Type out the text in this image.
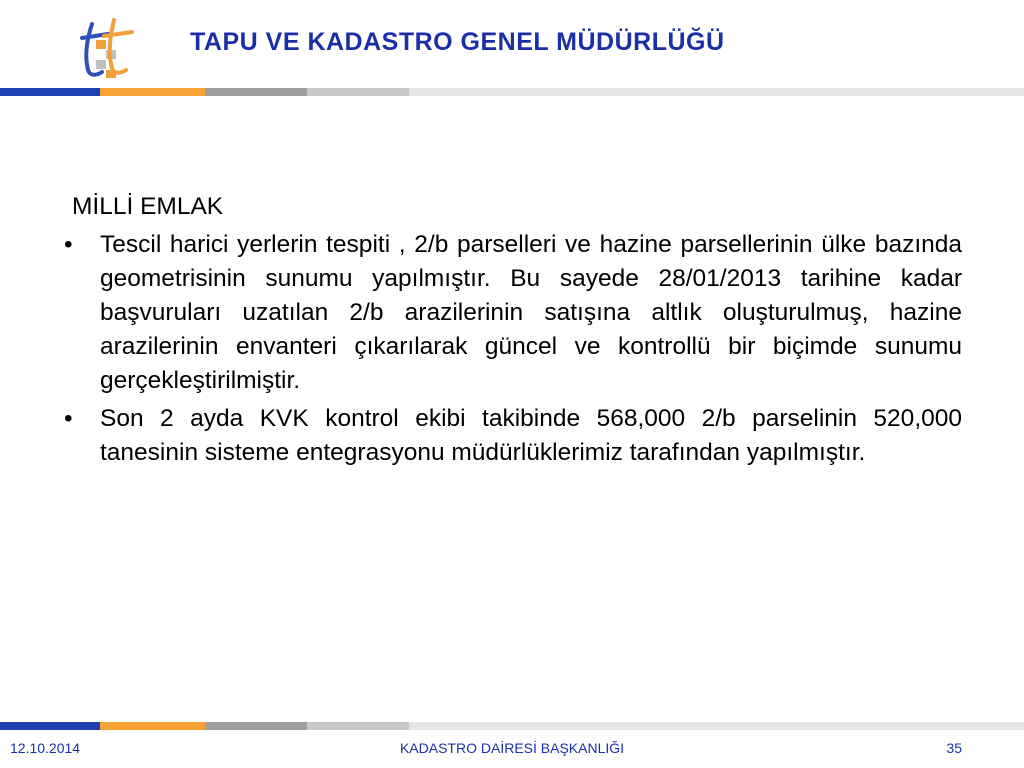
TAPU VE KADASTRO GENEL MÜDÜRLÜĞÜ
MİLLİ EMLAK
• Tescil harici yerlerin tespiti , 2/b parselleri ve hazine parsellerinin ülke bazında geometrisinin sunumu yapılmıştır. Bu sayede 28/01/2013 tarihine kadar başvuruları uzatılan 2/b arazilerinin satışına altlık oluşturulmuş, hazine arazilerinin envanteri çıkarılarak güncel ve kontrollü bir biçimde sunumu gerçekleştirilmiştir.
• Son 2 ayda KVK kontrol ekibi takibinde 568,000 2/b parselinin 520,000 tanesinin sisteme entegrasyonu müdürlüklerimiz tarafından yapılmıştır.
12.10.2014	KADASTRO DAİRESİ BAŞKANLIĞI	35
